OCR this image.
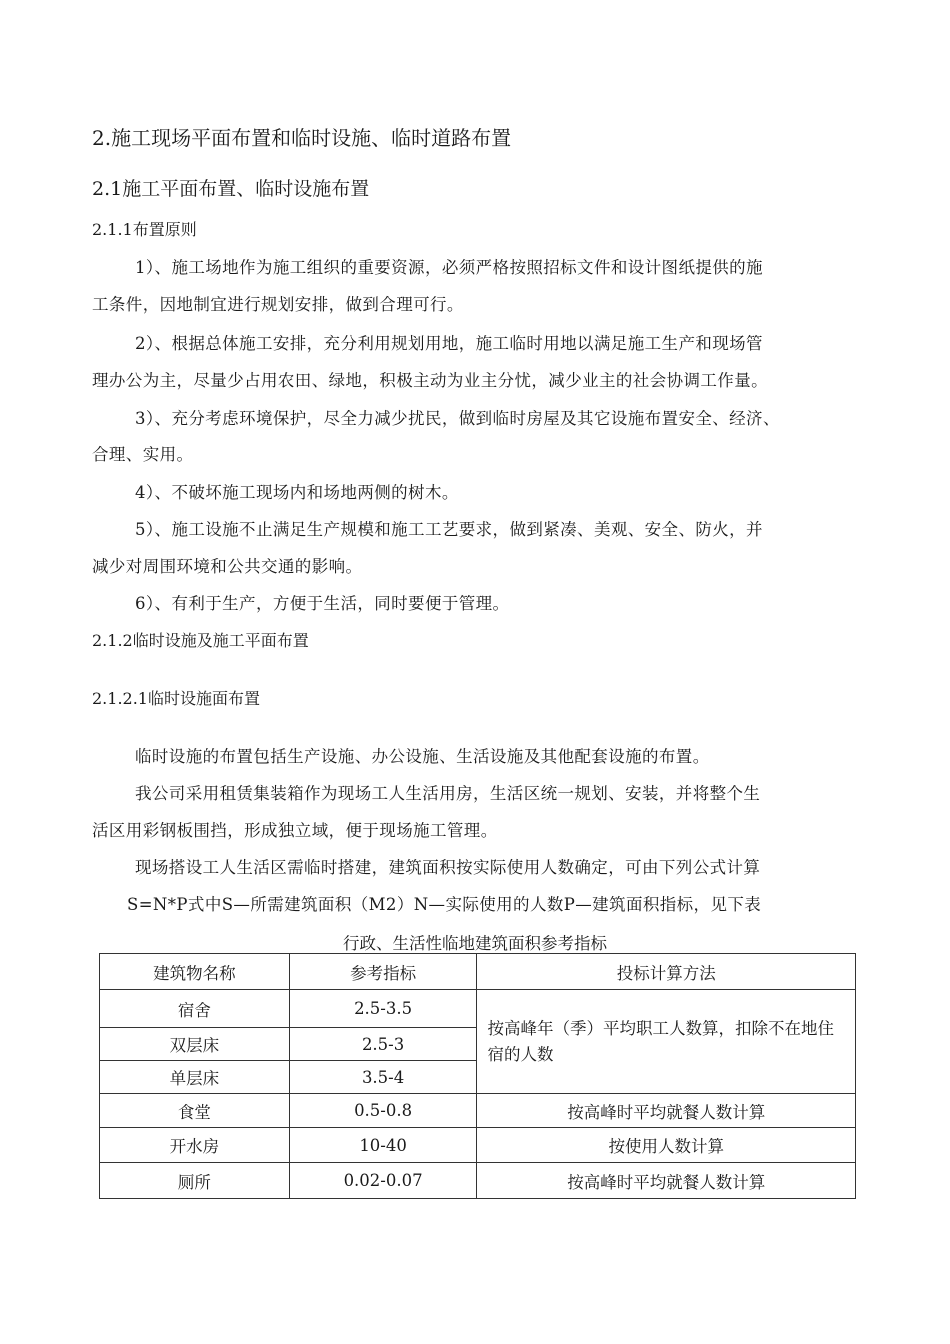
2.施工现场平面布置和临时设施、临时道路布置
2.1施工平面布置、临时设施布置
2.1.1布置原则
1）、施工场地作为施工组织的重要资源，必须严格按照招标文件和设计图纸提供的施
工条件，因地制宜进行规划安排，做到合理可行。
2）、根据总体施工安排，充分利用规划用地，施工临时用地以满足施工生产和现场管
理办公为主，尽量少占用农田、绿地，积极主动为业主分忧，减少业主的社会协调工作量。
3）、充分考虑环境保护，尽全力减少扰民，做到临时房屋及其它设施布置安全、经济、
合理、实用。
4）、不破坏施工现场内和场地两侧的树木。
5）、施工设施不止满足生产规模和施工工艺要求，做到紧凑、美观、安全、防火，并
减少对周围环境和公共交通的影响。
6）、有利于生产，方便于生活，同时要便于管理。
2.1.2临时设施及施工平面布置
2.1.2.1临时设施面布置
临时设施的布置包括生产设施、办公设施、生活设施及其他配套设施的布置。
我公司采用租赁集装箱作为现场工人生活用房，生活区统一规划、安装，并将整个生
活区用彩钢板围挡，形成独立域，便于现场施工管理。
现场搭设工人生活区需临时搭建，建筑面积按实际使用人数确定，可由下列公式计算
S=N*P式中S—所需建筑面积（M2）N—实际使用的人数P—建筑面积指标，见下表
行政、生活性临地建筑面积参考指标
建筑物名称	参考指标	投标计算方法
宿舍	2.5-3.5	按高峰年（季）平均职工人数算，扣除不在地住宿的人数
双层床	2.5-3	
单层床	3.5-4	
食堂	0.5-0.8	按高峰时平均就餐人数计算
开水房	10-40	按使用人数计算
厕所	0.02-0.07	按高峰时平均就餐人数计算
